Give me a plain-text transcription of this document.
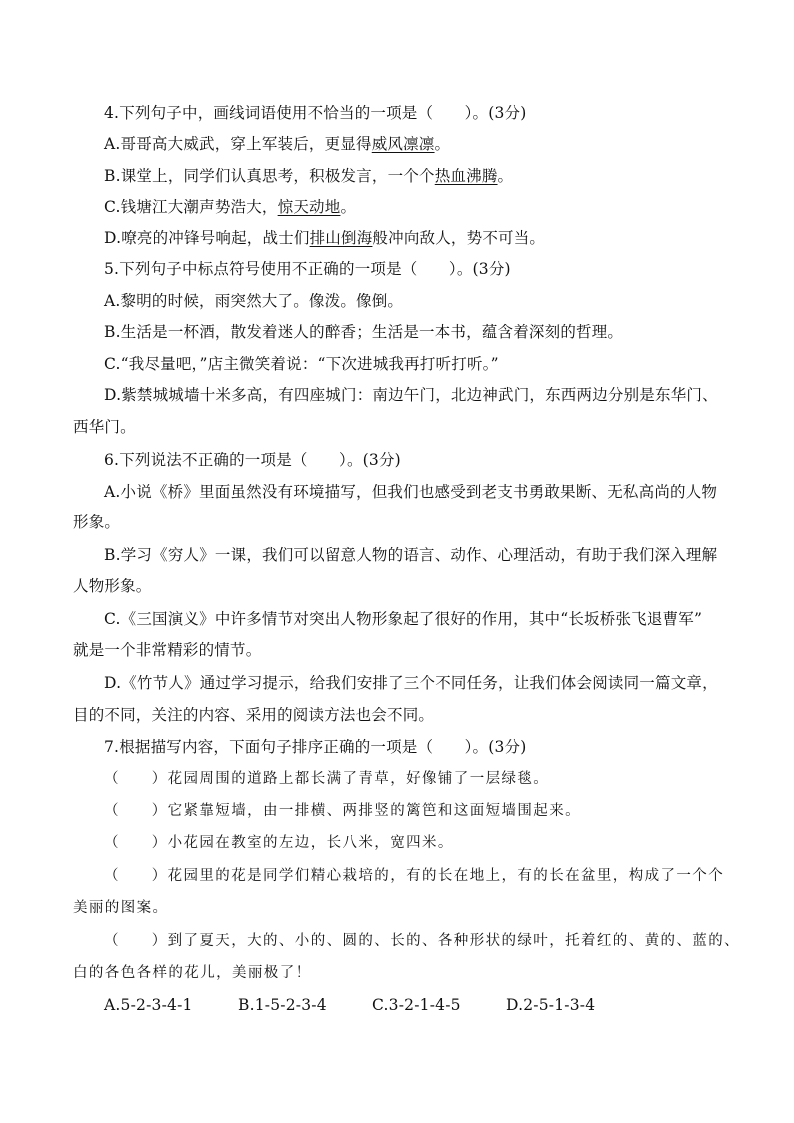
4.下列句子中，画线词语使用不恰当的一项是（　　）。(3分)
A.哥哥高大威武，穿上军装后，更显得威风凛凛。
B.课堂上，同学们认真思考，积极发言，一个个热血沸腾。
C.钱塘江大潮声势浩大，惊天动地。
D.嘹亮的冲锋号响起，战士们排山倒海般冲向敌人，势不可当。
5.下列句子中标点符号使用不正确的一项是（　　）。(3分)
A.黎明的时候，雨突然大了。像泼。像倒。
B.生活是一杯酒，散发着迷人的醉香；生活是一本书，蕴含着深刻的哲理。
C.“我尽量吧，”店主微笑着说：“下次进城我再打听打听。”
D.紫禁城城墙十米多高，有四座城门：南边午门，北边神武门，东西两边分别是东华门、
西华门。
6.下列说法不正确的一项是（　　）。(3分)
A.小说《桥》里面虽然没有环境描写，但我们也感受到老支书勇敢果断、无私高尚的人物
形象。
B.学习《穷人》一课，我们可以留意人物的语言、动作、心理活动，有助于我们深入理解
人物形象。
C.《三国演义》中许多情节对突出人物形象起了很好的作用，其中“长坂桥张飞退曹军”
就是一个非常精彩的情节。
D.《竹节人》通过学习提示，给我们安排了三个不同任务，让我们体会阅读同一篇文章，
目的不同，关注的内容、采用的阅读方法也会不同。
7.根据描写内容，下面句子排序正确的一项是（　　）。(3分)
（　　）花园周围的道路上都长满了青草，好像铺了一层绿毯。
（　　）它紧靠短墙，由一排横、两排竖的篱笆和这面短墙围起来。
（　　）小花园在教室的左边，长八米，宽四米。
（　　）花园里的花是同学们精心栽培的，有的长在地上，有的长在盆里，构成了一个个
美丽的图案。
（　　）到了夏天，大的、小的、圆的、长的、各种形状的绿叶，托着红的、黄的、蓝的、
白的各色各样的花儿，美丽极了！
A.5-2-3-4-1	B.1-5-2-3-4	C.3-2-1-4-5	D.2-5-1-3-4
